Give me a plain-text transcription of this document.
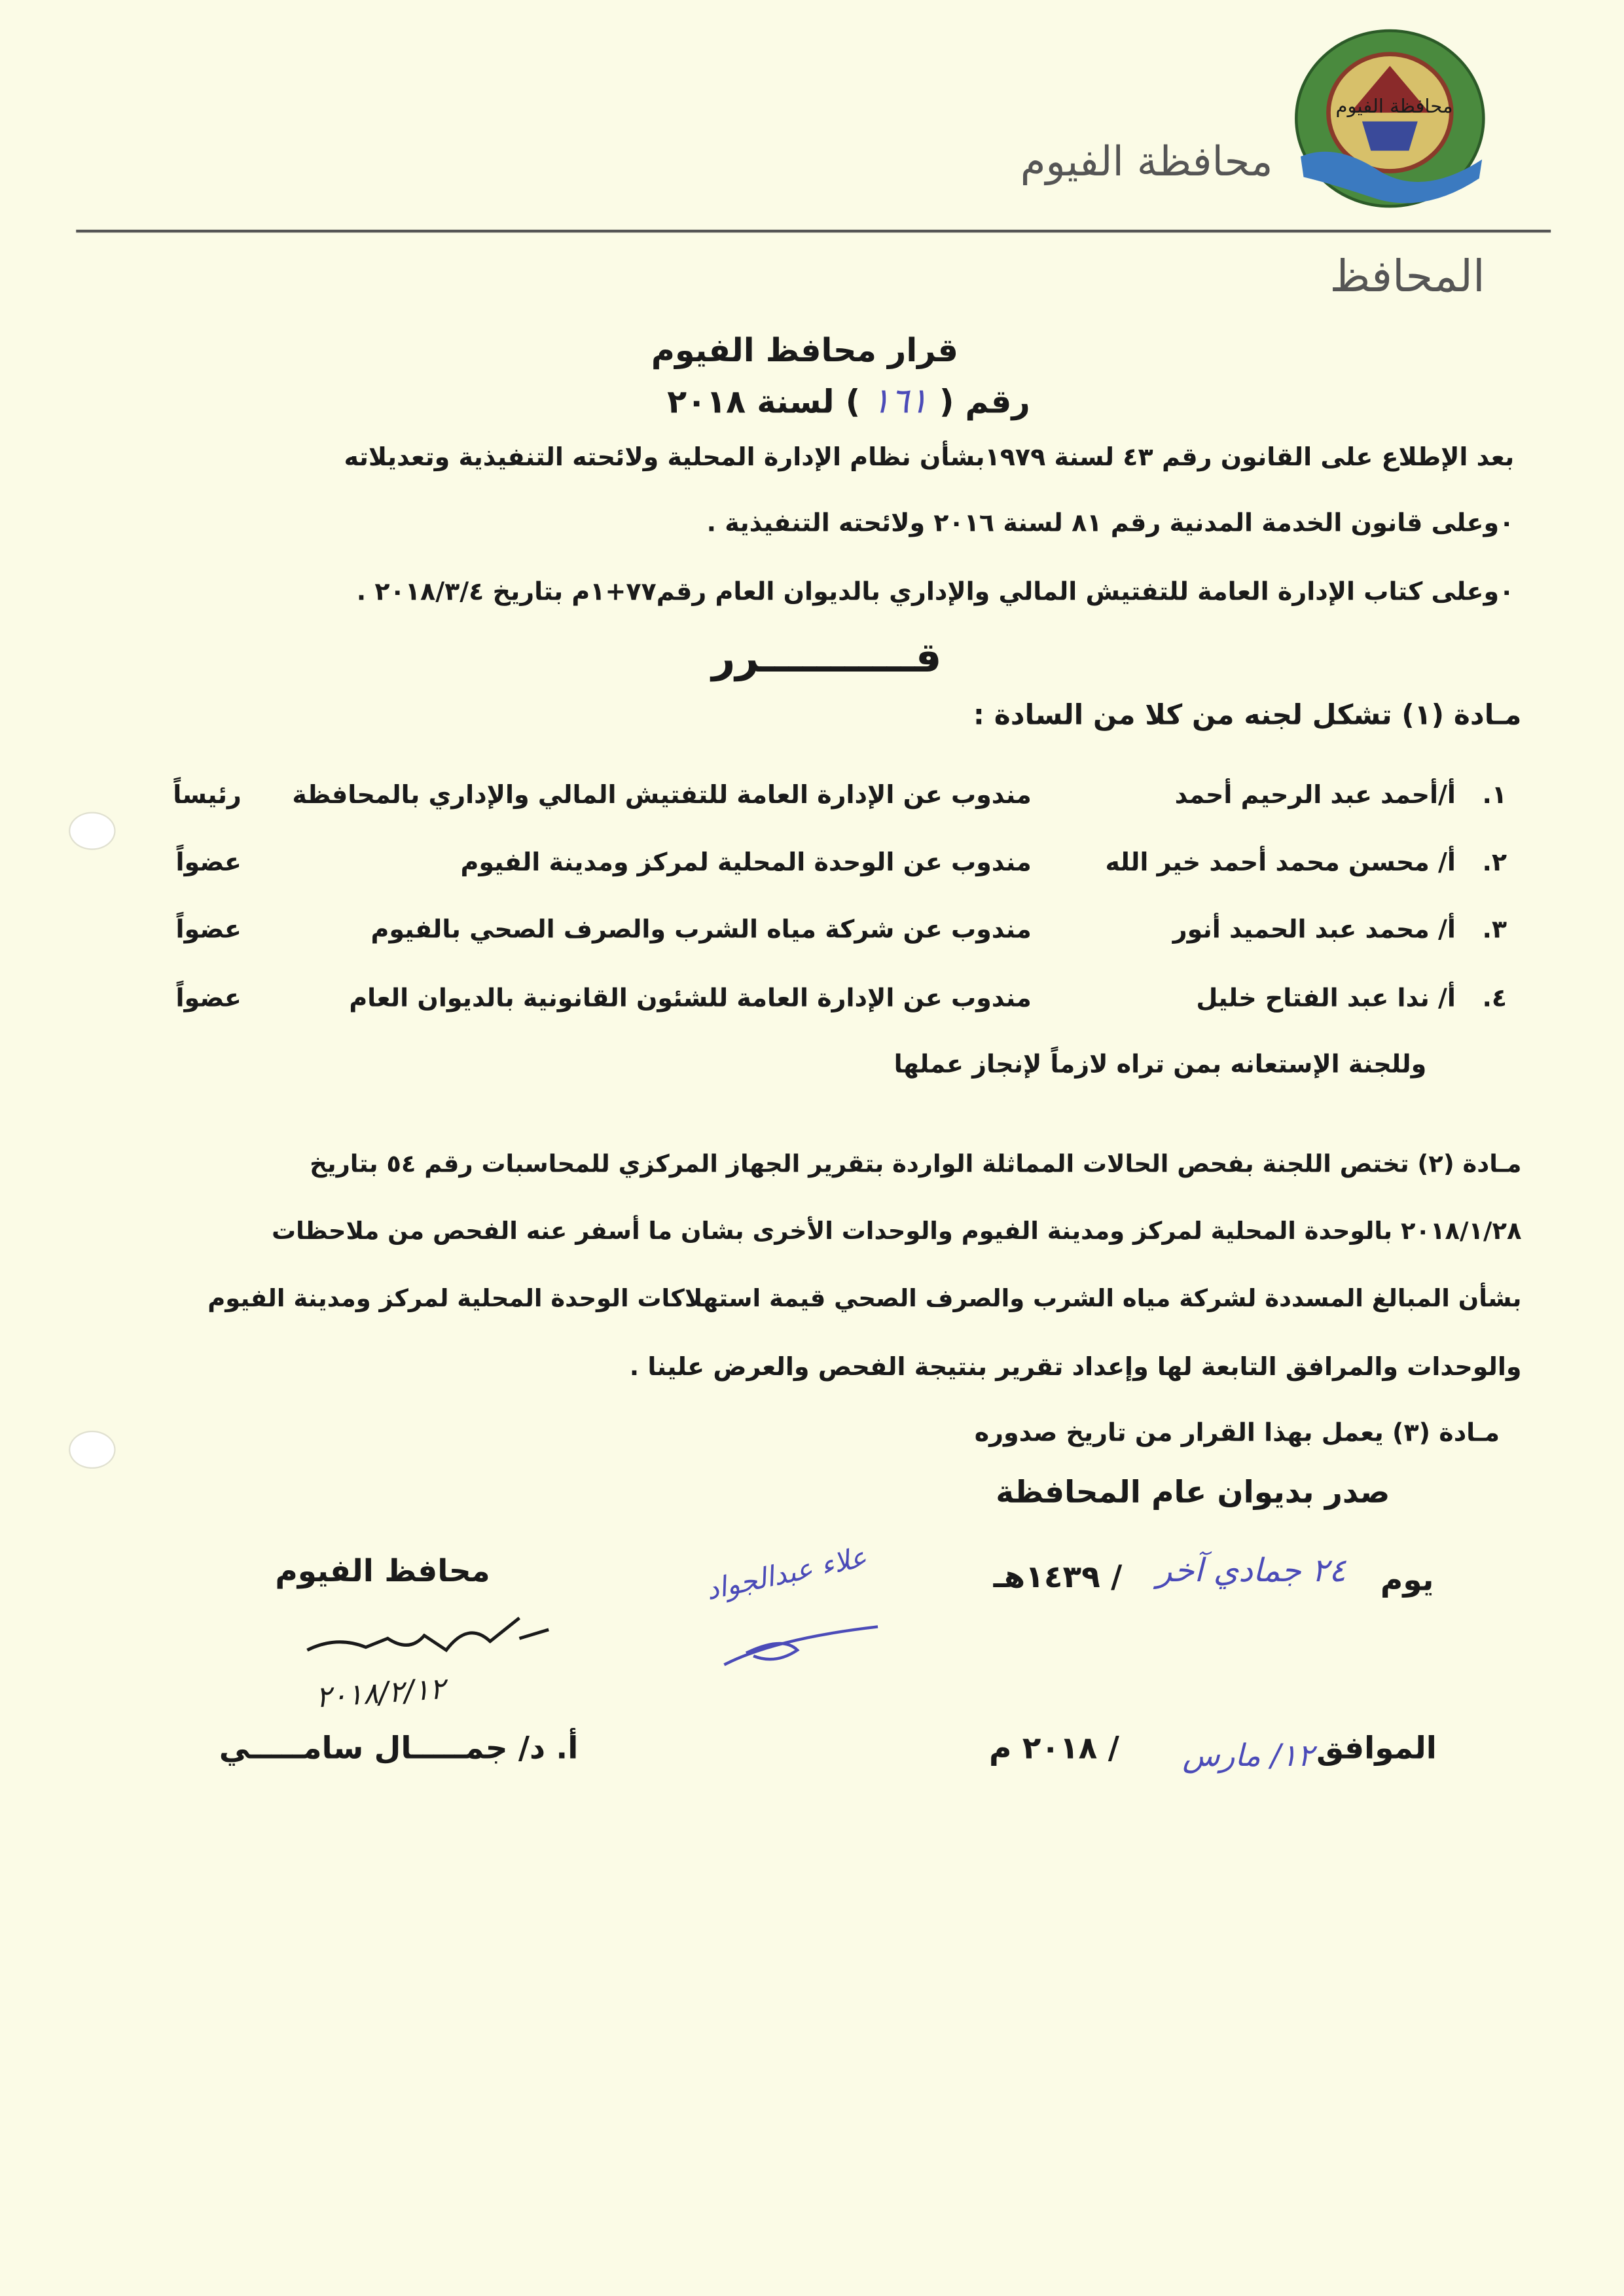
محافظة الفيوم
محافظة الفيوم
المحافظ
قرار محافظ الفيوم
رقم ( ١٦١ ) لسنة ٢٠١٨
بعد الإطلاع على القانون رقم ٤٣ لسنة ١٩٧٩بشأن نظام الإدارة المحلية ولائحته التنفيذية وتعديلاته
٠وعلى قانون الخدمة المدنية رقم ٨١ لسنة ٢٠١٦ ولائحته التنفيذية .
٠وعلى كتاب الإدارة العامة للتفتيش المالي والإداري بالديوان العام رقم٧٧+١م بتاريخ ٢٠١٨/٣/٤ .
قـــــــــــرر
مـادة (١) تشكل لجنه من كلا من السادة :
١.
أ/أحمد عبد الرحيم أحمد
مندوب عن الإدارة العامة للتفتيش المالي والإداري بالمحافظة
رئيساً
٢.
أ/ محسن محمد أحمد خير الله
مندوب عن الوحدة المحلية لمركز ومدينة الفيوم
عضواً
٣.
أ/ محمد عبد الحميد أنور
مندوب عن شركة مياه الشرب والصرف الصحي بالفيوم
عضواً
٤.
أ/ ندا عبد الفتاح خليل
مندوب عن الإدارة العامة للشئون القانونية بالديوان العام
عضواً
وللجنة الإستعانه بمن تراه لازماً لإنجاز عملها
مـادة (٢) تختص اللجنة بفحص الحالات المماثلة الواردة بتقرير الجهاز المركزي للمحاسبات رقم ٥٤ بتاريخ
٢٠١٨/١/٢٨ بالوحدة المحلية لمركز ومدينة الفيوم والوحدات الأخرى بشان ما أسفر عنه الفحص من ملاحظات
بشأن المبالغ المسددة لشركة مياه الشرب والصرف الصحي قيمة استهلاكات الوحدة المحلية لمركز ومدينة الفيوم
والوحدات والمرافق التابعة لها وإعداد تقرير بنتيجة الفحص والعرض علينا .
مـادة (٣) يعمل بهذا القرار من تاريخ صدوره
صدر بديوان عام المحافظة
يوم
٢٤ جمادي آخر
/ ١٤٣٩هـ
الموافق
١٢/ مارس
/ ٢٠١٨ م
علاء عبدالجواد
محافظ الفيوم
٢٠١٨/٢/١٢
أ. د/ جمـــــال سامـــــي
